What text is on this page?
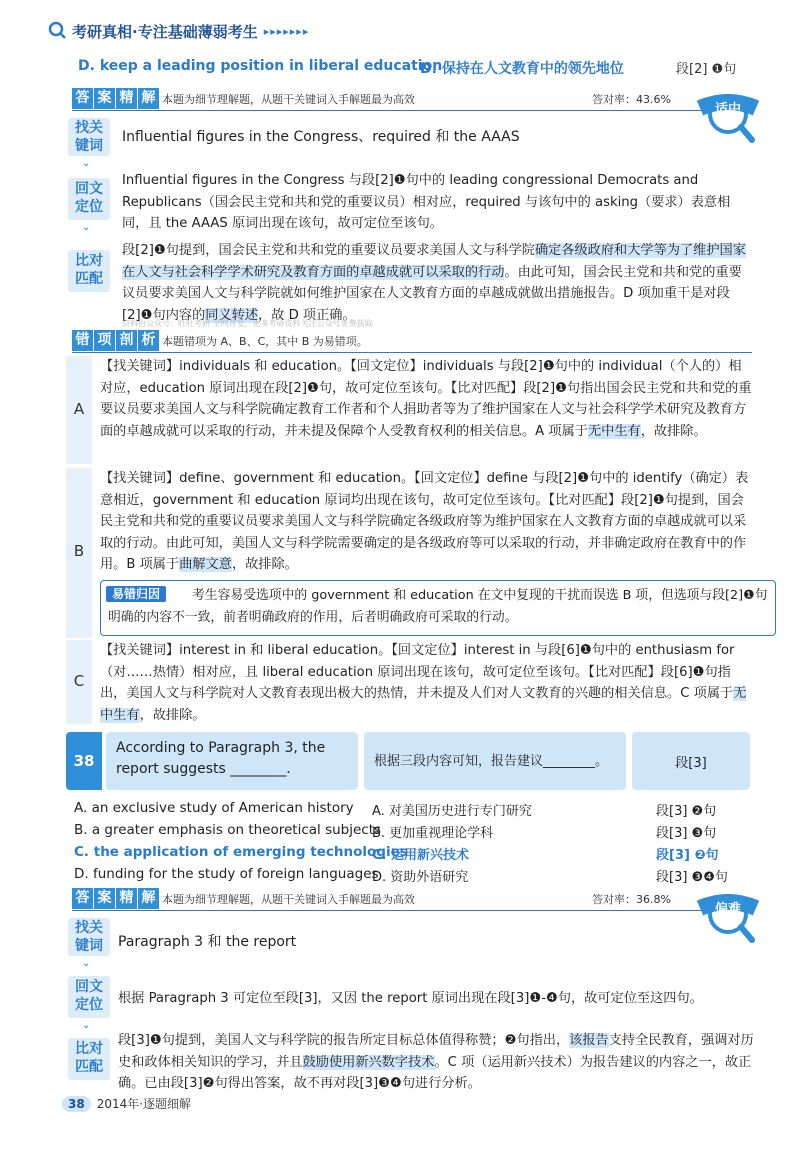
考研真相·专注基础薄弱考生 ▸▸▸▸▸▸▸
D. keep a leading position in liberal education
D. 保持在人文教育中的领先地位	段[2] ❶句
答 案 精 解 本题为细节理解题，从题干关键词入手解题最为高效	答对率：43.6%
适中
找关键词
⌄
Influential figures in the Congress、required 和 the AAAS
回文定位
⌄
Influential figures in the Congress 与段[2]❶句中的 leading congressional Democrats and Republicans（国会民主党和共和党的重要议员）相对应，required 与该句中的 asking（要求）表意相同，且 the AAAS 原词出现在该句，故可定位至该句。
比对匹配
段[2]❶句提到，国会民主党和共和党的重要议员要求美国人文与科学院确定各级政府和大学等为了维护国家在人文与社会科学学术研究及教育方面的卓越成就可以采取的行动。由此可知，国会民主党和共和党的重要议员要求美国人文与科学院就如何维护国家在人文教育方面的卓越成就做出措施报告。D 项加重干是对段[2]❶句内容的同义转述，故 D 项正确。
资料由公众号：旺旺考研 全网首发，更多考研资料关注公众号免费获取
错 项 剖 析 本题错项为 A、B、C，其中 B 为易错项。
A
【找关键词】individuals 和 education。【回文定位】individuals 与段[2]❶句中的 individual（个人的）相对应，education 原词出现在段[2]❶句，故可定位至该句。【比对匹配】段[2]❶句指出国会民主党和共和党的重要议员要求美国人文与科学院确定教育工作者和个人捐助者等为了维护国家在人文与社会科学学术研究及教育方面的卓越成就可以采取的行动，并未提及保障个人受教育权利的相关信息。A 项属于无中生有，故排除。
B
【找关键词】define、government 和 education。【回文定位】define 与段[2]❶句中的 identify（确定）表意相近，government 和 education 原词均出现在该句，故可定位至该句。【比对匹配】段[2]❶句提到，国会民主党和共和党的重要议员要求美国人文与科学院确定各级政府等为维护国家在人文教育方面的卓越成就可以采取的行动。由此可知，美国人文与科学院需要确定的是各级政府等可以采取的行动，并非确定政府在教育中的作用。B 项属于曲解文意，故排除。
易错归因	考生容易受选项中的 government 和 education 在文中复现的干扰而误选 B 项，但选项与段[2]❶句明确的内容不一致，前者明确政府的作用，后者明确政府可采取的行动。
C
【找关键词】interest in 和 liberal education。【回文定位】interest in 与段[6]❶句中的 enthusiasm for（对……热情）相对应，且 liberal education 原词出现在该句，故可定位至该句。【比对匹配】段[6]❶句指出，美国人文与科学院对人文教育表现出极大的热情，并未提及人们对人文教育的兴趣的相关信息。C 项属于无中生有，故排除。
38
According to Paragraph 3, the report suggests ________.	根据三段内容可知，报告建议________。	段[3]
A. an exclusive study of American history A. 对美国历史进行专门研究	段[3] ❷句
B. a greater emphasis on theoretical subjects
B. 更加重视理论学科	段[3] ❸句
C. the application of emerging technologies
C. 运用新兴技术	段[3] ❷句
D. funding for the study of foreign languages
D. 资助外语研究	段[3] ❸❹句
答 案 精 解 本题为细节理解题，从题干关键词入手解题最为高效	答对率：36.8%
偏难
找关键词
⌄
Paragraph 3 和 the report
回文定位
⌄
根据 Paragraph 3 可定位至段[3]，又因 the report 原词出现在段[3]❶-❹句，故可定位至这四句。
比对匹配
段[3]❶句提到，美国人文与科学院的报告所定目标总体值得称赞；❷句指出，该报告支持全民教育，强调对历史和政体相关知识的学习，并且鼓励使用新兴数字技术。C 项（运用新兴技术）为报告建议的内容之一，故正确。已由段[3]❷句得出答案，故不再对段[3]❸❹句进行分析。
38	2014年·逐题细解
